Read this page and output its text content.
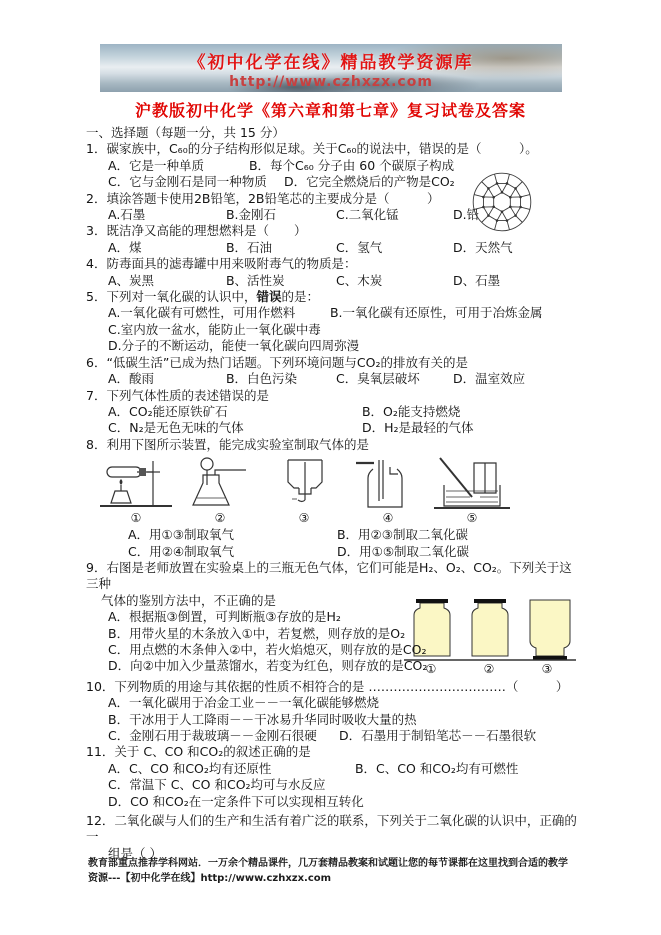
《初中化学在线》精品教学资源库
http://www.czhxzx.com
沪教版初中化学《第六章和第七章》复习试卷及答案
①	②	③
一、选择题（每题一分，共 15 分）
1．碳家族中，C₆₀的分子结构形似足球。关于C₆₀的说法中，错误的是（　　　）。
A．它是一种单质	B．每个C₆₀ 分子由 60 个碳原子构成
C．它与金刚石是同一种物质 D．它完全燃烧后的产物是CO₂
2．填涂答题卡使用2B铅笔，2B铅笔芯的主要成分是（　　　）
A.石墨	B.金刚石	C.二氧化锰	D.铅
3．既洁净又高能的理想燃料是（　　）
A．煤	B．石油	C．氢气	D．天然气
4．防毒面具的滤毒罐中用来吸附毒气的物质是：
A、炭黑	B、活性炭	C、木炭	D、石墨
5．下列对一氧化碳的认识中，错误的是：
A.一氧化碳有可燃性，可用作燃料	B.一氧化碳有还原性，可用于冶炼金属
C.室内放一盆水，能防止一氧化碳中毒
D.分子的不断运动，能使一氧化碳向四周弥漫
6．“低碳生活”已成为热门话题。下列环境问题与CO₂的排放有关的是
A．酸雨	B．白色污染	C．臭氧层破坏	D．温室效应
7．下列气体性质的表述错误的是
A．CO₂能还原铁矿石	B．O₂能支持燃烧
C．N₂是无色无味的气体	D．H₂是最轻的气体
8．利用下图所示装置，能完成实验室制取气体的是
①	②	③	④	⑤
A．用①③制取氧气	B．用②③制取二氧化碳
C．用②④制取氧气	D．用①⑤制取二氧化碳
9．右图是老师放置在实验桌上的三瓶无色气体，它们可能是H₂、O₂、CO₂。下列关于这三种
气体的鉴别方法中，不正确的是
A．根据瓶③倒置，可判断瓶③存放的是H₂
B．用带火星的木条放入①中，若复燃，则存放的是O₂
C．用点燃的木条伸入②中，若火焰熄灭，则存放的是CO₂
D．向②中加入少量蒸馏水，若变为红色，则存放的是CO₂
10．下列物质的用途与其依据的性质不相符合的是 ……………………………（　　　）
A．一氧化碳用于冶金工业－－一氧化碳能够燃烧
B．干冰用于人工降雨－－干冰易升华同时吸收大量的热
C．金刚石用于裁玻璃－－金刚石很硬 D．石墨用于制铅笔芯－－石墨很软
11．关于 C、CO 和CO₂的叙述正确的是
A．C、CO 和CO₂均有还原性	B．C、CO 和CO₂均有可燃性
C．常温下 C、CO 和CO₂均可与水反应
D．CO 和CO₂在一定条件下可以实现相互转化
12．二氧化碳与人们的生产和生活有着广泛的联系，下列关于二氧化碳的认识中，正确的一
组是（ ）
教育部重点推荐学科网站．一万余个精品课件，几万套精品教案和试题让您的每节课都在这里找到合适的教学资源---【初中化学在线】http://www.czhxzx.com
